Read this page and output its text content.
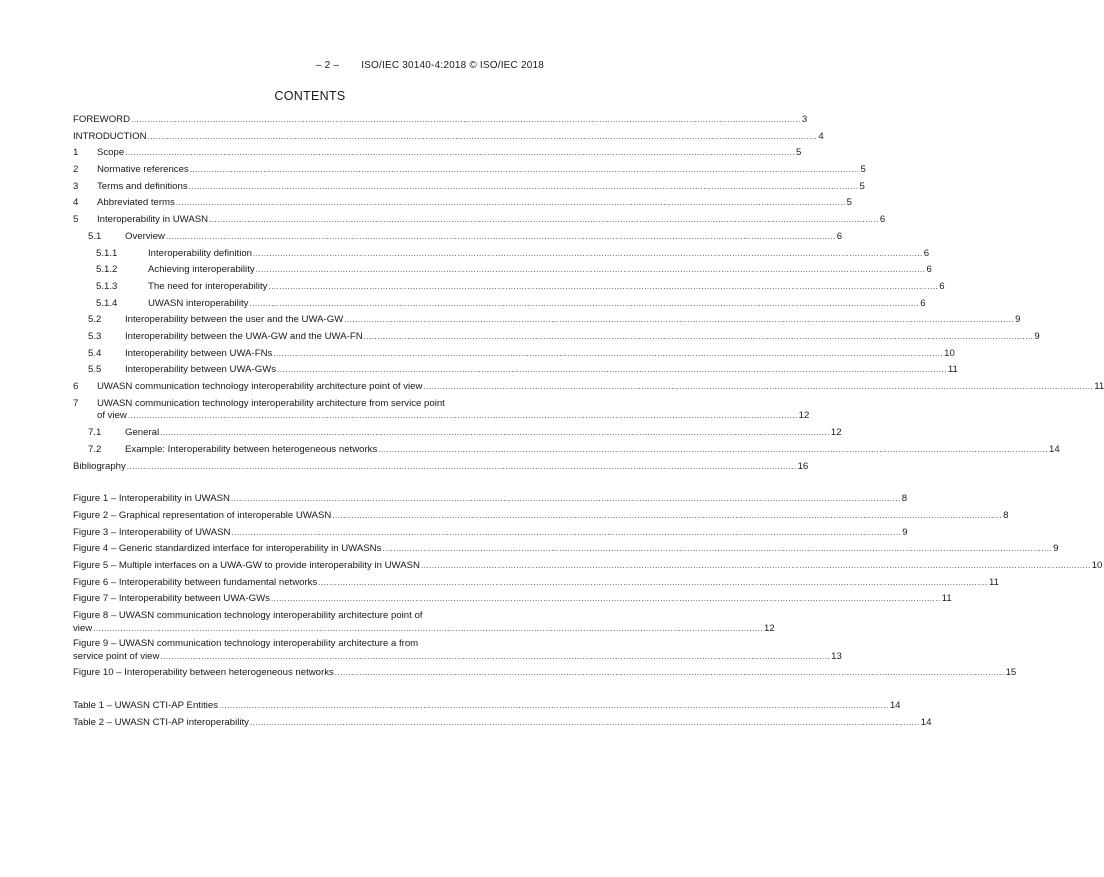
– 2 – ISO/IEC 30140-4:2018 © ISO/IEC 2018
CONTENTS
FOREWORD .....	3
INTRODUCTION .....	4
1	Scope .....	5
2	Normative references .....	5
3	Terms and definitions .....	5
4	Abbreviated terms .....	5
5	Interoperability in UWASN .....	6
5.1	Overview .....	6
5.1.1	Interoperability definition .....	6
5.1.2	Achieving interoperability .....	6
5.1.3	The need for interoperability .....	6
5.1.4	UWASN interoperability .....	6
5.2	Interoperability between the user and the UWA-GW .....	9
5.3	Interoperability between the UWA-GW and the UWA-FN .....	9
5.4	Interoperability between UWA-FNs .....	10
5.5	Interoperability between UWA-GWs .....	11
6	UWASN communication technology interoperability architecture point of view .....	11
7	UWASN communication technology interoperability architecture from service point
of view .....	12
7.1	General .....	12
7.2	Example: Interoperability between heterogeneous networks .....	14
Bibliography .....	16
Figure 1 – Interoperability in UWASN .....	8
Figure 2 – Graphical representation of interoperable UWASN .....	8
Figure 3 – Interoperability of UWASN .....	9
Figure 4 – Generic standardized interface for interoperability in UWASNs .....	9
Figure 5 – Multiple interfaces on a UWA-GW to provide interoperability in UWASN .....	10
Figure 6 – Interoperability between fundamental networks .....	11
Figure 7 – Interoperability between UWA-GWs .....	11
Figure 8 – UWASN communication technology interoperability architecture point of
view .....	12
Figure 9 – UWASN communication technology interoperability architecture a from
service point of view .....	13
Figure 10 – Interoperability between heterogeneous networks .....	15
Table 1 – UWASN CTI-AP Entities .....	14
Table 2 – UWASN CTI-AP interoperability .....	14
